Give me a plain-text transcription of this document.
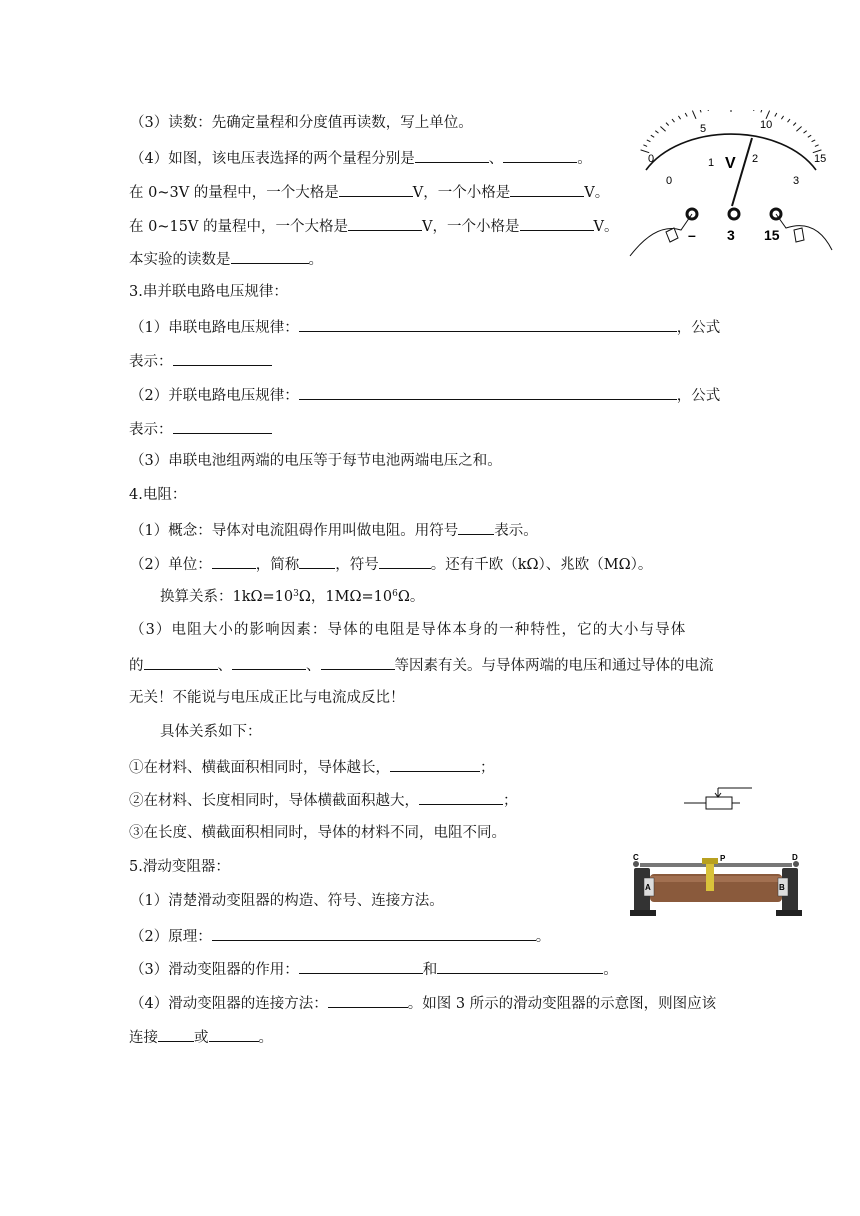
（3）读数：先确定量程和分度值再读数，写上单位。
（4）如图，该电压表选择的两个量程分别是	、	。
在 0~3V 的量程中，一个大格是	V，一个小格是	V。
在 0~15V 的量程中，一个大格是	V，一个小格是	V。
本实验的读数是	。
3.串并联电路电压规律：
（1）串联电路电压规律：	，公式
表示：
（2）并联电路电压规律：	，公式
表示：
（3）串联电池组两端的电压等于每节电池两端电压之和。
4.电阻：
（1）概念：导体对电流阻碍作用叫做电阻。用符号 表示。
（2）单位：	，简称 ，符号	。还有千欧（kΩ）、兆欧（MΩ）。
换算关系：$1k\Omega=10^3\Omega$，$1M\Omega=10^6\Omega$。
（3）电阻大小的影响因素：导体的电阻是导体本身的一种特性，它的大小与导体
的	、	、	等因素有关。与导体两端的电压和通过导体的电流
无关！不能说与电压成正比与电流成反比！
具体关系如下：
①在材料、横截面积相同时，导体越长，	；
②在材料、长度相同时，导体横截面积越大，	；
③在长度、横截面积相同时，导体的材料不同，电阻不同。
5.滑动变阻器：
（1）清楚滑动变阻器的构造、符号、连接方法。
（2）原理：	。
（3）滑动变阻器的作用：	和	。
（4）滑动变阻器的连接方法：	。如图 3 所示的滑动变阻器的示意图，则图应该
连接 或	。
0
5	10
15
0
1	2
3
V
– 3 15
C	P	D
A	B
